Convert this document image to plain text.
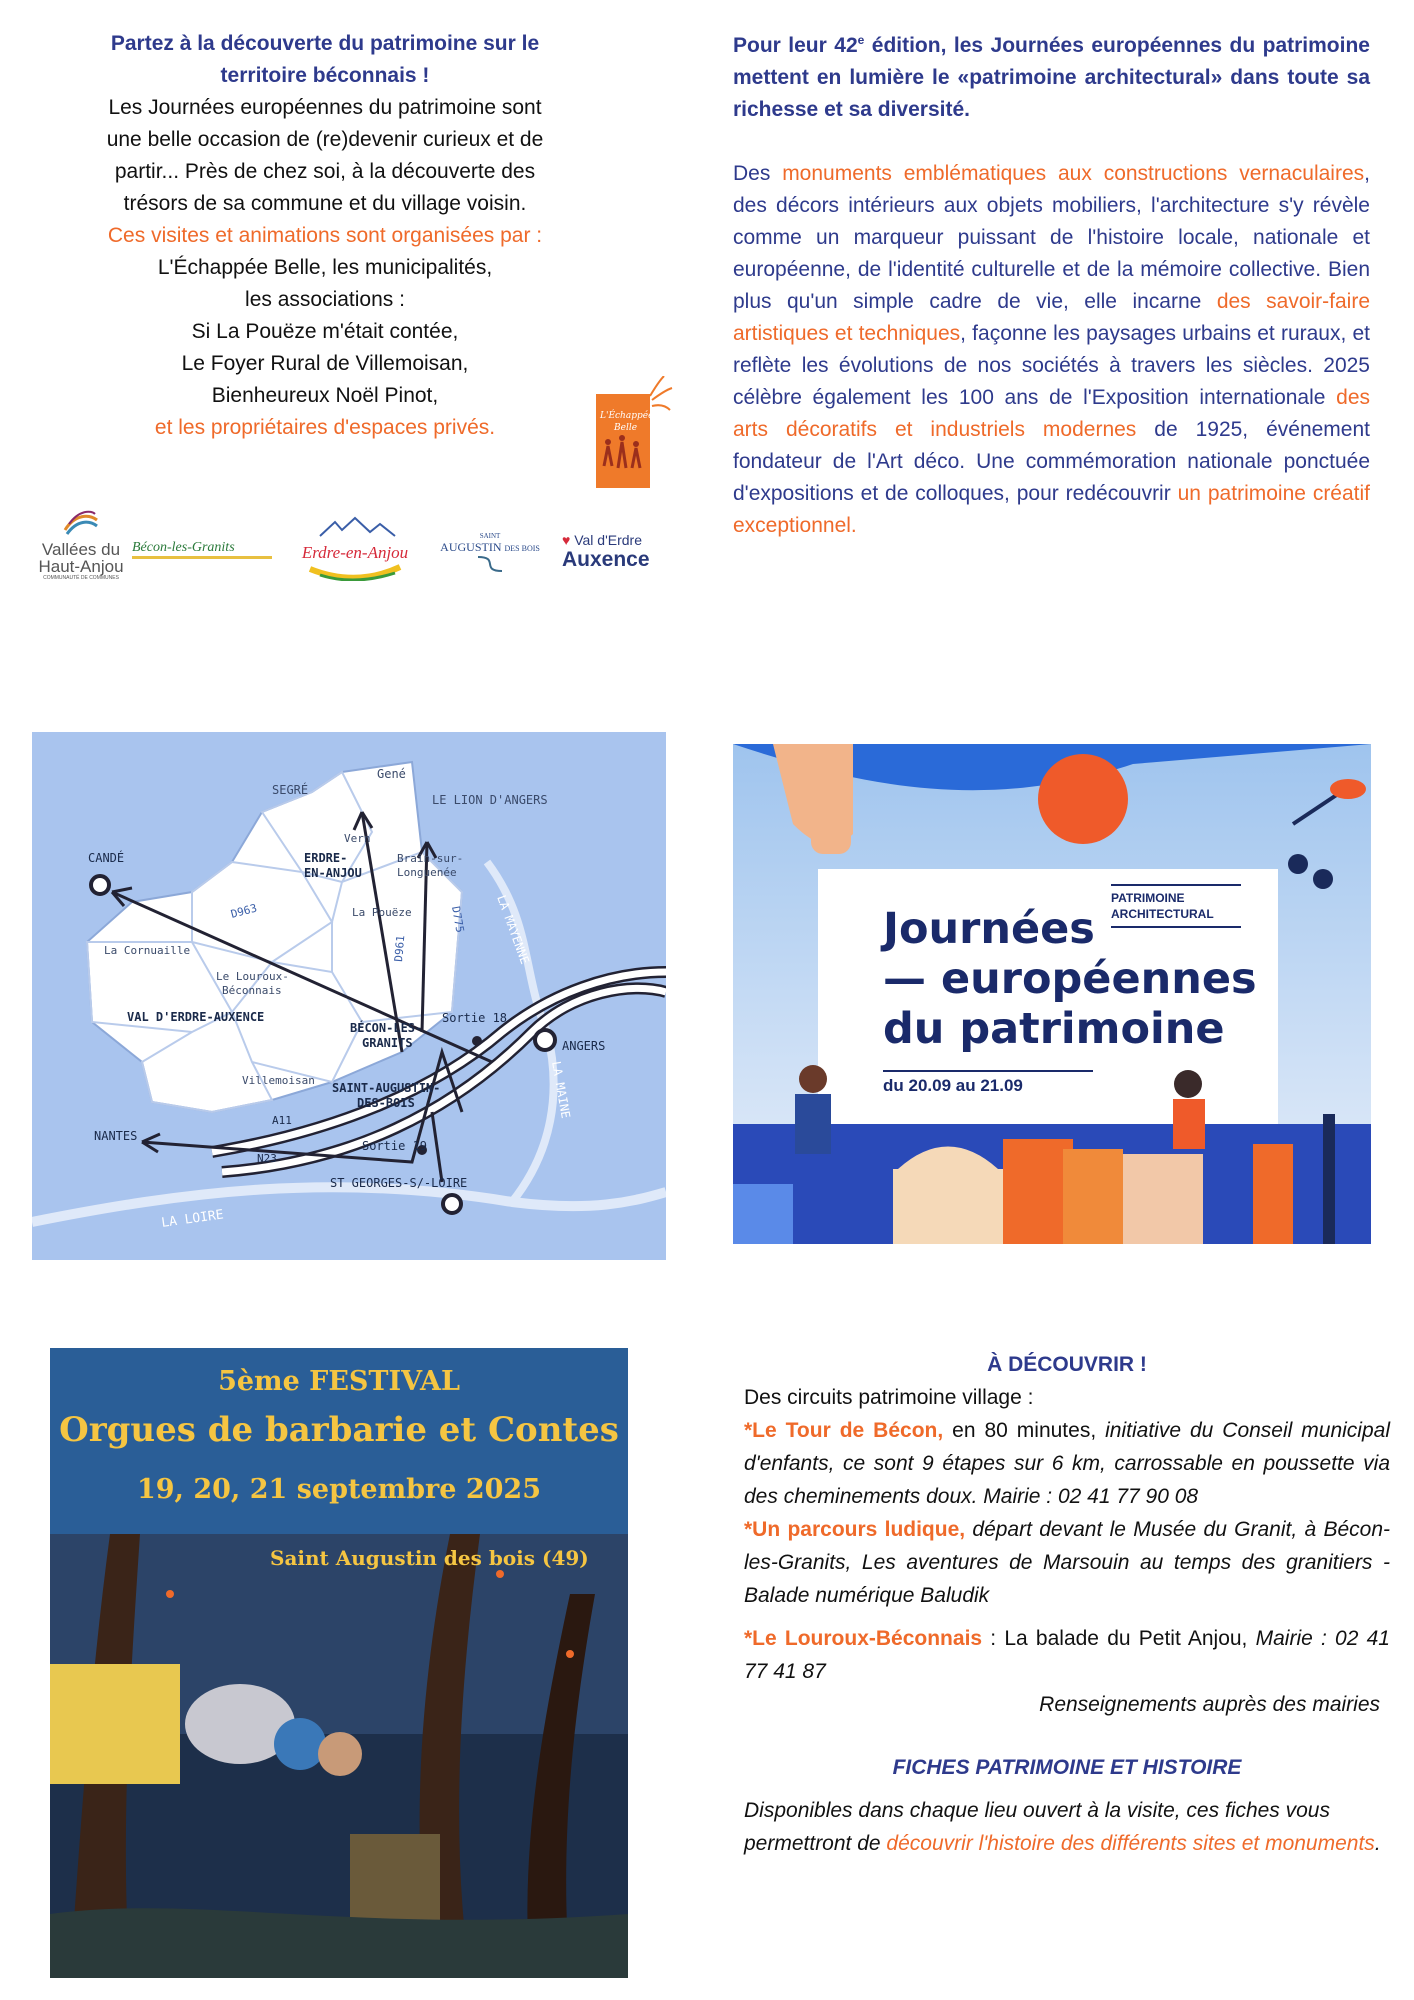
Partez à la découverte du patrimoine sur le
territoire béconnais !
Les Journées européennes du patrimoine sont
une belle occasion de (re)devenir curieux et de
partir... Près de chez soi, à la découverte des
trésors de sa commune et du village voisin.
Ces visites et animations sont organisées par :
L'Échappée Belle, les municipalités,
les associations :
Si La Pouëze m'était contée,
Le Foyer Rural de Villemoisan,
Bienheureux Noël Pinot,
et les propriétaires d'espaces privés.	L'Échappée
Belle
Vallées du
Haut-Anjou
COMMUNAUTÉ DE COMMUNES
Bécon-les-Granits	Erdre-en-Anjou
SAINT
AUGUSTIN DES BOIS
♥ Val d'Erdre
Auxence
Pour leur 42e édition, les Journées européennes du patrimoine mettent en lumière le «patrimoine architectural» dans toute sa richesse et sa diversité.
Des monuments emblématiques aux constructions vernaculaires, des décors intérieurs aux objets mobiliers, l'architecture s'y révèle comme un marqueur puissant de l'histoire locale, nationale et européenne, de l'identité culturelle et de la mémoire collective. Bien plus qu'un simple cadre de vie, elle incarne des savoir-faire artistiques et techniques, façonne les paysages urbains et ruraux, et reflète les évolutions de nos sociétés à travers les siècles. 2025 célèbre également les 100 ans de l'Exposition internationale des arts décoratifs et industriels modernes de 1925, événement fondateur de l'Art déco. Une commémoration nationale ponctuée d'expositions et de colloques, pour redécouvrir un patrimoine créatif exceptionnel.
SEGRÉ
Gené
LE LION D'ANGERS
Vern
ERDRE-
EN-ANJOU
Brain-sur-
Longuenée
CANDÉ
La Pouëze
La Cornuaille
Le Louroux-
Béconnais
VAL D'ERDRE-AUXENCE
BÉCON-LES-
GRANITS
Sortie 18
ANGERS
Villemoisan
SAINT-AUGUSTIN-
DES-BOIS
NANTES
A11
N23
Sortie 19
ST GEORGES-S/-LOIRE
LA LOIRE
LA MAYENNE
LA MAINE
D963
D961
D775
PATRIMOINE
ARCHITECTURAL
Journées
— européennes
du patrimoine
du 20.09 au 21.09
5ème FESTIVAL
Orgues de barbarie et Contes
19, 20, 21 septembre 2025
Saint Augustin des bois (49)
À DÉCOUVRIR !

Des circuits patrimoine village :

*Le Tour de Bécon, en 80 minutes, initiative du Conseil municipal d'enfants, ce sont 9 étapes sur 6 km, carrossable en poussette via des cheminements doux. Mairie : 02 41 77 90 08

*Un parcours ludique, départ devant le Musée du Granit, à Bécon-les-Granits, Les aventures de Marsouin au temps des granitiers - Balade numérique Baludik

*Le Louroux-Béconnais : La balade du Petit Anjou, Mairie : 02 41 77 41 87

Renseignements auprès des mairies

FICHES PATRIMOINE ET HISTOIRE

Disponibles dans chaque lieu ouvert à la visite, ces fiches vous permettront de découvrir l'histoire des différents sites et monuments.
